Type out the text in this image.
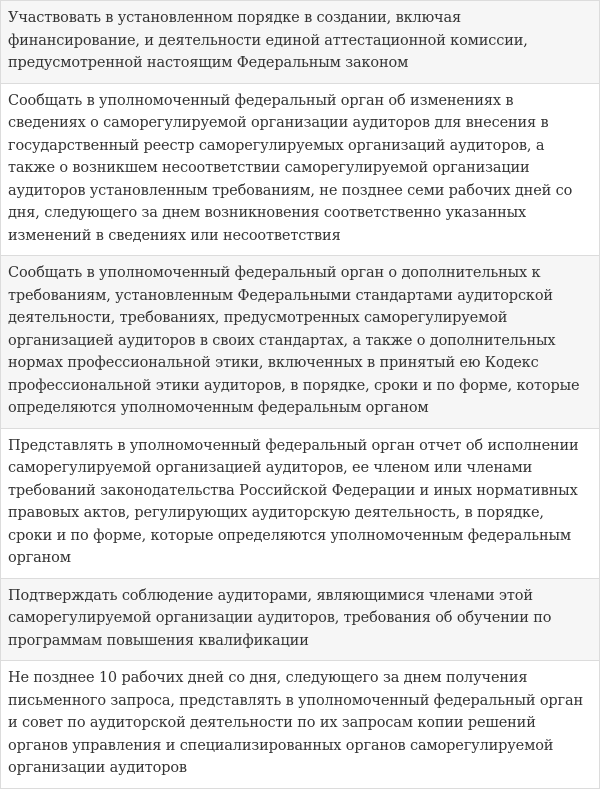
Участвовать в установленном порядке в создании, включая финансирование, и деятельности единой аттестационной комиссии, предусмотренной настоящим Федеральным законом
Сообщать в уполномоченный федеральный орган об изменениях в сведениях о саморегулируемой организации аудиторов для внесения в государственный реестр саморегулируемых организаций аудиторов, а также о возникшем несоответствии саморегулируемой организации аудиторов установленным требованиям, не позднее семи рабочих дней со дня, следующего за днем возникновения соответственно указанных изменений в сведениях или несоответствия
Сообщать в уполномоченный федеральный орган о дополнительных к требованиям, установленным Федеральными стандартами аудиторской деятельности, требованиях, предусмотренных саморегулируемой организацией аудиторов в своих стандартах, а также о дополнительных нормах профессиональной этики, включенных в принятый ею Кодекс профессиональной этики аудиторов, в порядке, сроки и по форме, которые определяются уполномоченным федеральным органом
Представлять в уполномоченный федеральный орган отчет об исполнении саморегулируемой организацией аудиторов, ее членом или членами требований законодательства Российской Федерации и иных нормативных правовых актов, регулирующих аудиторскую деятельность, в порядке, сроки и по форме, которые определяются уполномоченным федеральным органом
Подтверждать соблюдение аудиторами, являющимися членами этой саморегулируемой организации аудиторов, требования об обучении по программам повышения квалификации
Не позднее 10 рабочих дней со дня, следующего за днем получения письменного запроса, представлять в уполномоченный федеральный орган и совет по аудиторской деятельности по их запросам копии решений органов управления и специализированных органов саморегулируемой организации аудиторов
